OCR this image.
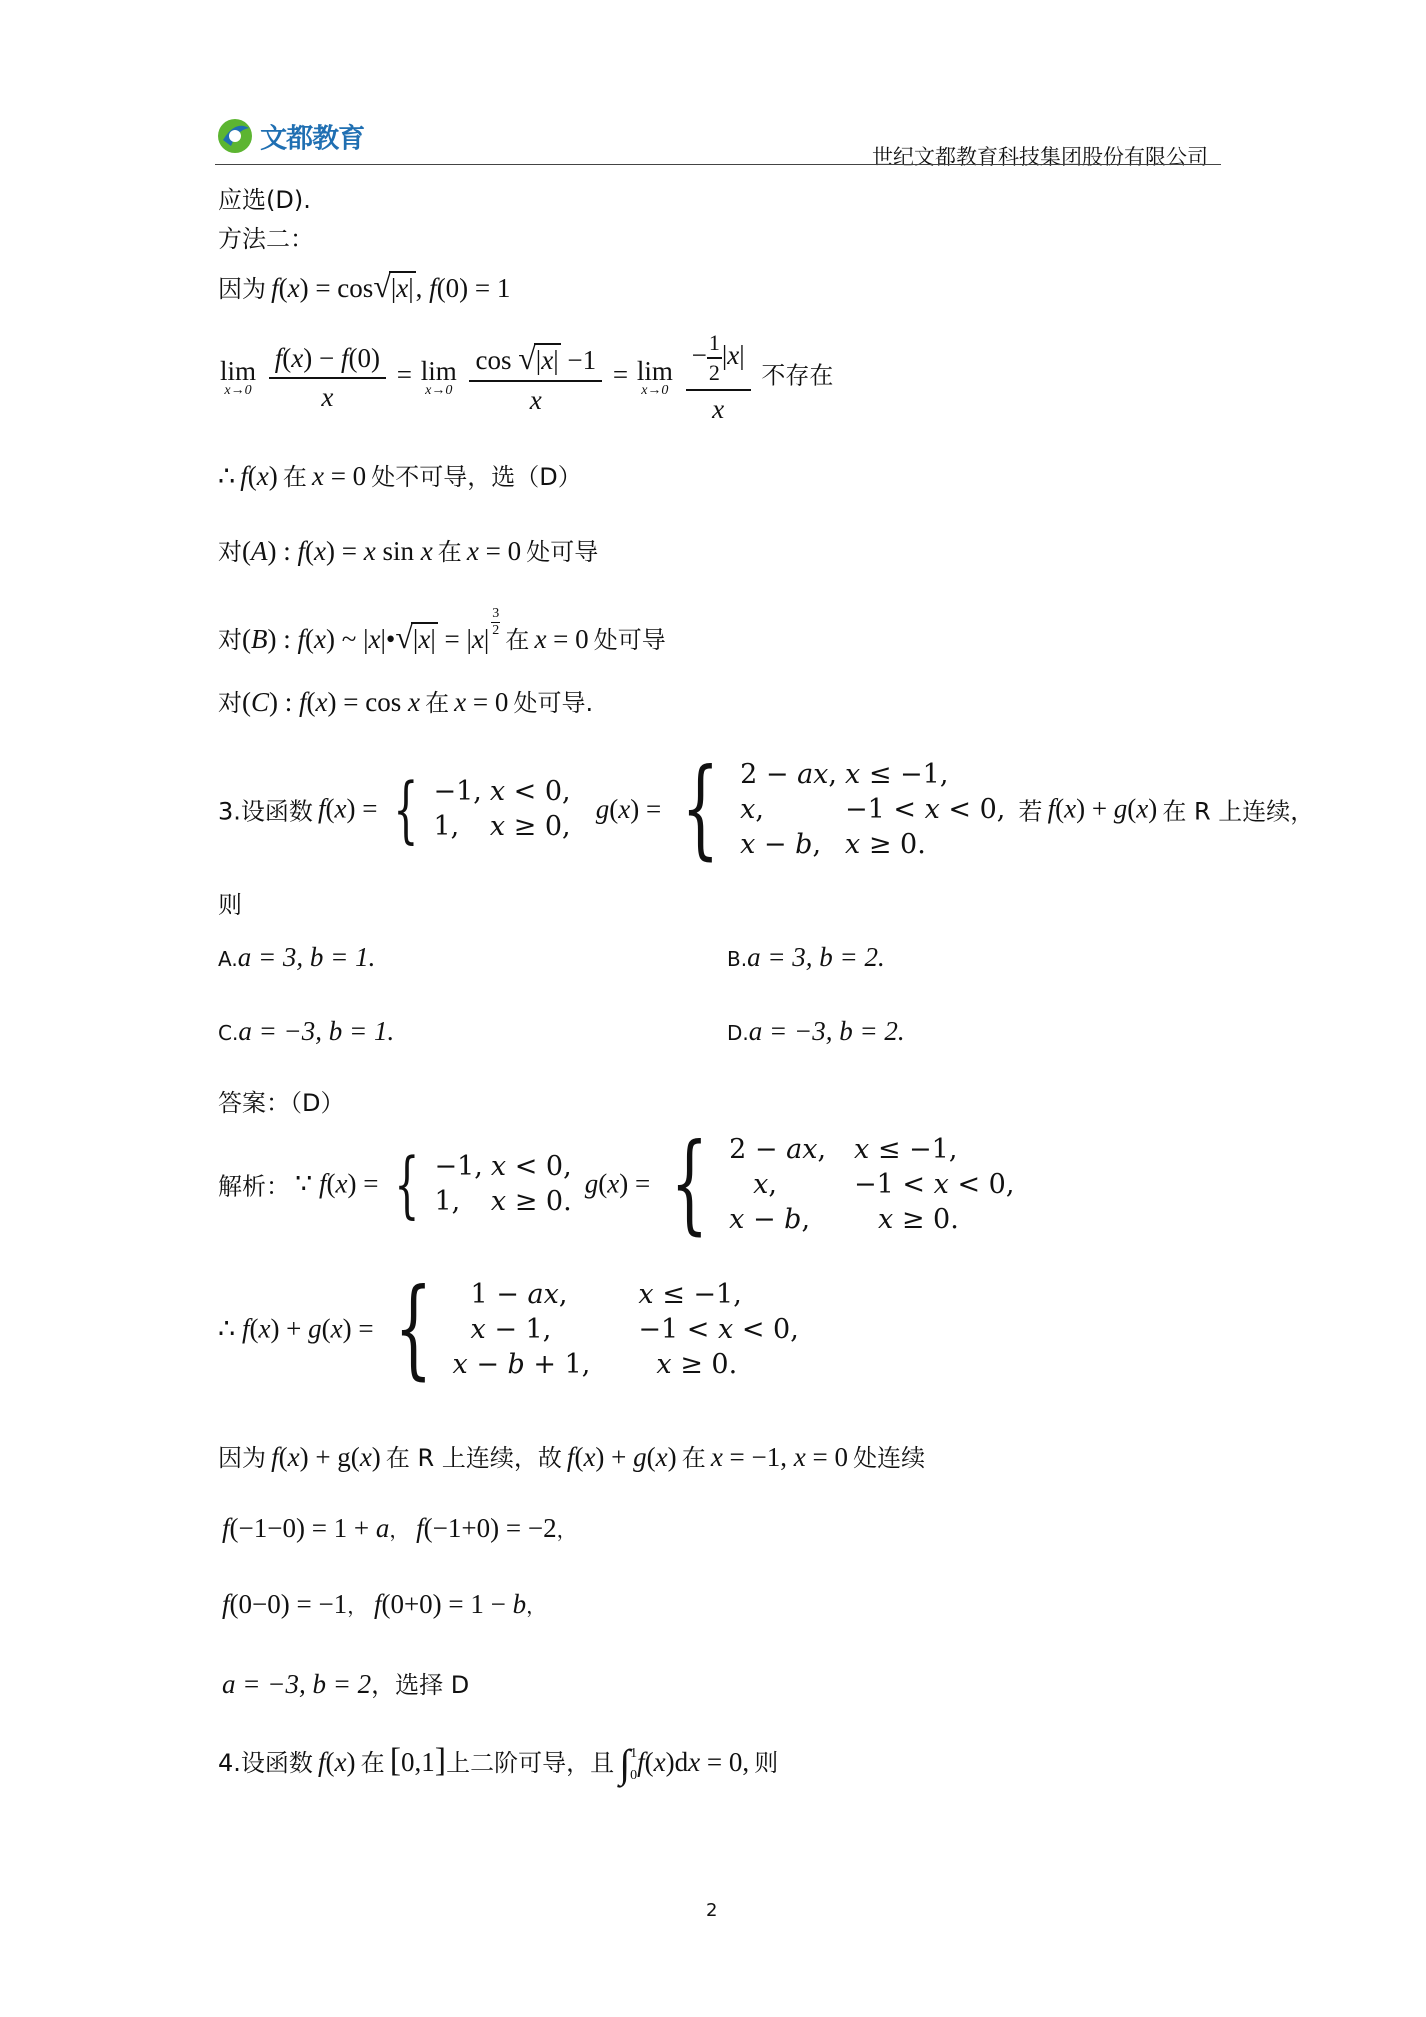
文都教育
世纪文都教育科技集团股份有限公司
应选(D).
方法二：
因为 f(x) = cos√|x|, f(0) = 1
lim
x→0
$\frac{f(x) - f(0)}{x} = \lim$
x→0
$\frac{\cos √|x| -1}{x} = \lim$
x→0
$\frac{- \frac{1}{2} |x|}{x}$ 不存在
∴ f(x) 在 x = 0 处不可导，选（D）
对(A) : f(x) = x sin x 在 x = 0 处可导
对(B) : f(x) ~ |x|•√|x| = $|x| \frac{3}{2}$
在 x = 0 处可导
对(C) : f(x) = cos x 在 x = 0 处可导.
3.设函数 f(x) = { −1,	x < 0,
1,	x ≥ 0, g(x) = { 2 − ax,	x ≤ −1,
x,	−1 < x < 0,
x − b,	x ≥ 0. 若 f(x) + g(x) 在 R 上连续，
则
A.a = 3, b = 1.	B.a = 3, b = 2.
C.a = −3, b = 1.	D.a = −3, b = 2.
答案：（D）
解析： ∵ f(x) = { −1,	x < 0,
1,	x ≥ 0. g(x) = { 2 − ax,	x ≤ −1,
x,	−1 < x < 0,
x − b,	x ≥ 0.
∴ f(x) + g(x) = { 1 − ax,	x ≤ −1,
x − 1,	−1 < x < 0,
x − b + 1,	x ≥ 0.
因为 f(x) + g(x) 在 R 上连续，故 f(x) + g(x) 在 x = −1, x = 0 处连续
f(−1−0) = 1 + a， f(−1+0) = −2，
f(0−0) = −1， f(0+0) = 1 − b，
a = −3, b = 2，选择 D
4.设函数 f(x) 在 [0,1]上二阶可导，且 ∫1
0f(x)dx = 0, 则
2
